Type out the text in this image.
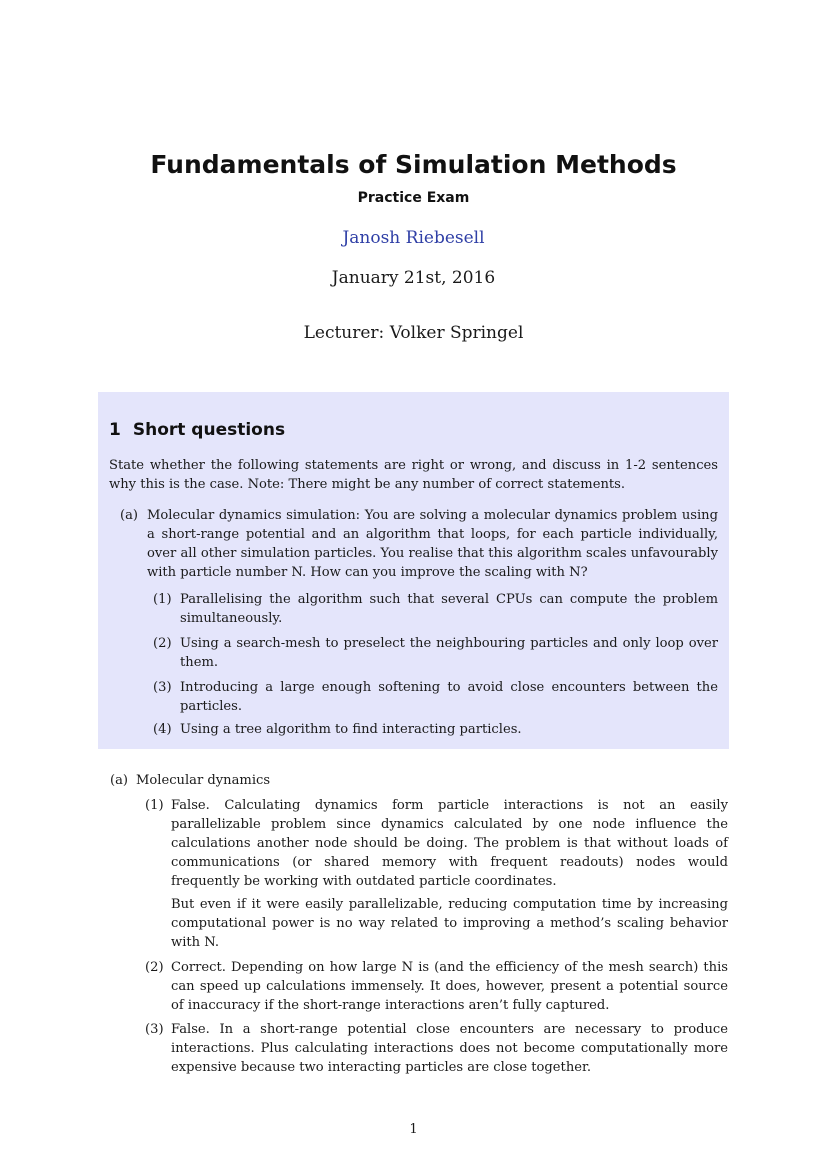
Fundamentals of Simulation Methods
Practice Exam
Janosh Riebesell
January 21st, 2016
Lecturer: Volker Springel
1 Short questions
State whether the following statements are right or wrong, and discuss in 1-2 sentences why this is the case. Note: There might be any number of correct statements.
(a) Molecular dynamics simulation: You are solving a molecular dynamics problem using a short-range potential and an algorithm that loops, for each particle individually, over all other simulation particles. You realise that this algorithm scales unfavourably with particle number N. How can you improve the scaling with N?
(1) Parallelising the algorithm such that several CPUs can compute the problem simultaneously.
(2) Using a search-mesh to preselect the neighbouring particles and only loop over them.
(3) Introducing a large enough softening to avoid close encounters between the particles.
(4) Using a tree algorithm to find interacting particles.
(a) Molecular dynamics
(1) False. Calculating dynamics form particle interactions is not an easily parallelizable problem since dynamics calculated by one node influence the calculations another node should be doing. The problem is that without loads of communications (or shared memory with frequent readouts) nodes would frequently be working with outdated particle coordinates.
But even if it were easily parallelizable, reducing computation time by increasing computational power is no way related to improving a method’s scaling behavior with N.
(2) Correct. Depending on how large N is (and the efficiency of the mesh search) this can speed up calculations immensely. It does, however, present a potential source of inaccuracy if the short-range interactions aren’t fully captured.
(3) False. In a short-range potential close encounters are necessary to produce interactions. Plus calculating interactions does not become computationally more expensive because two interacting particles are close together.
1
